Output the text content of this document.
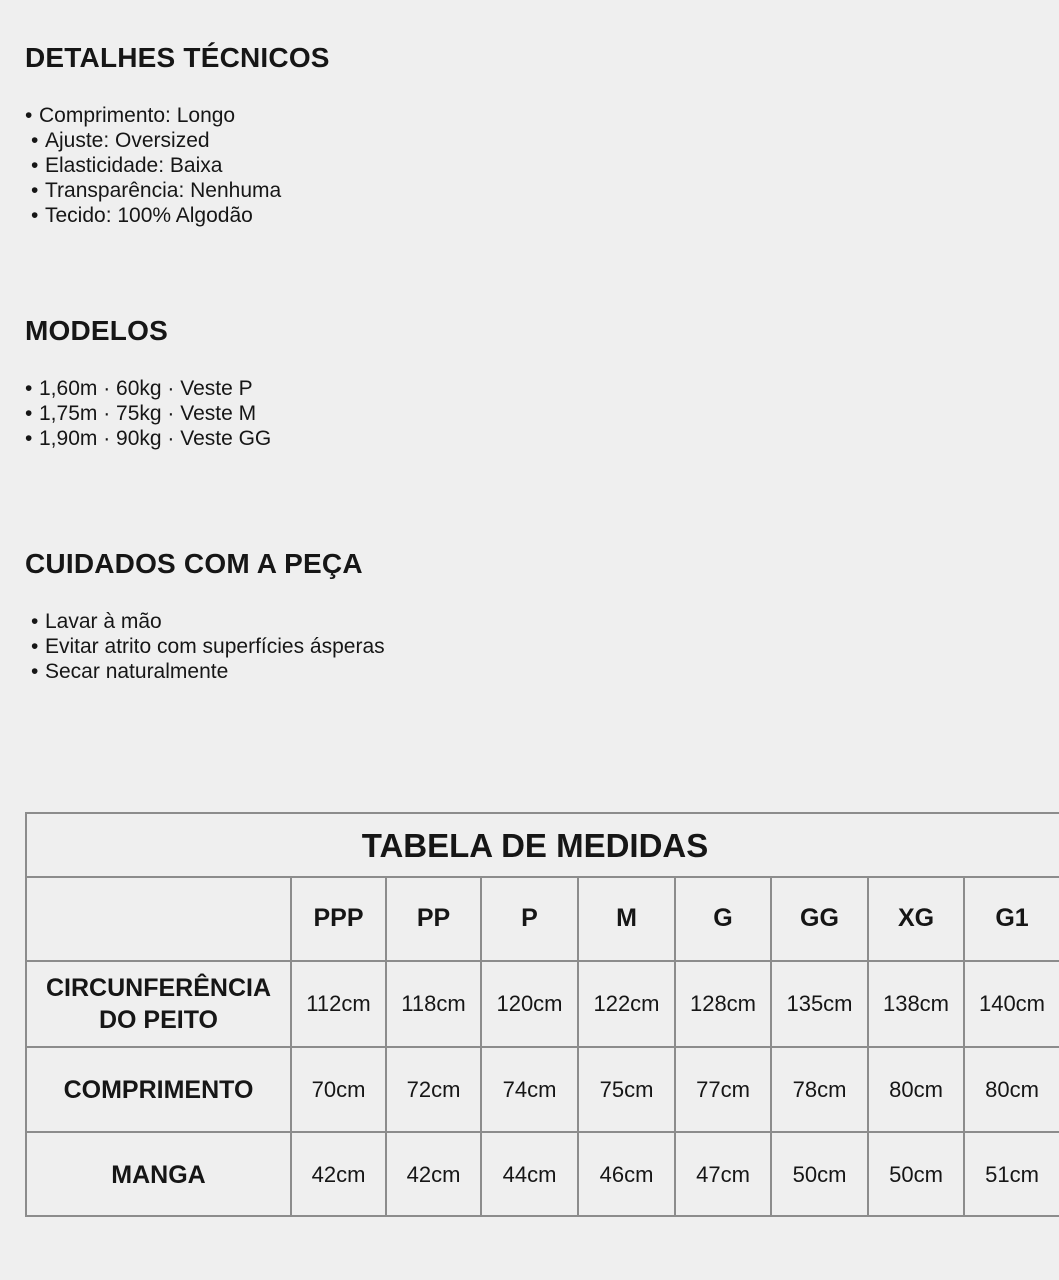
DETALHES TÉCNICOS
• Comprimento: Longo
• Ajuste: Oversized
• Elasticidade: Baixa
• Transparência: Nenhuma
• Tecido: 100% Algodão
MODELOS
• 1,60m · 60kg · Veste P
• 1,75m · 75kg · Veste M
• 1,90m · 90kg · Veste GG
CUIDADOS COM A PEÇA
• Lavar à mão
• Evitar atrito com superfícies ásperas
• Secar naturalmente
TABELA DE MEDIDAS
	PPP	PP	P	M	G	GG	XG	G1
CIRCUNFERÊNCIA
DO PEITO	112cm	118cm	120cm	122cm	128cm	135cm	138cm	140cm
COMPRIMENTO	70cm	72cm	74cm	75cm	77cm	78cm	80cm	80cm
MANGA	42cm	42cm	44cm	46cm	47cm	50cm	50cm	51cm
